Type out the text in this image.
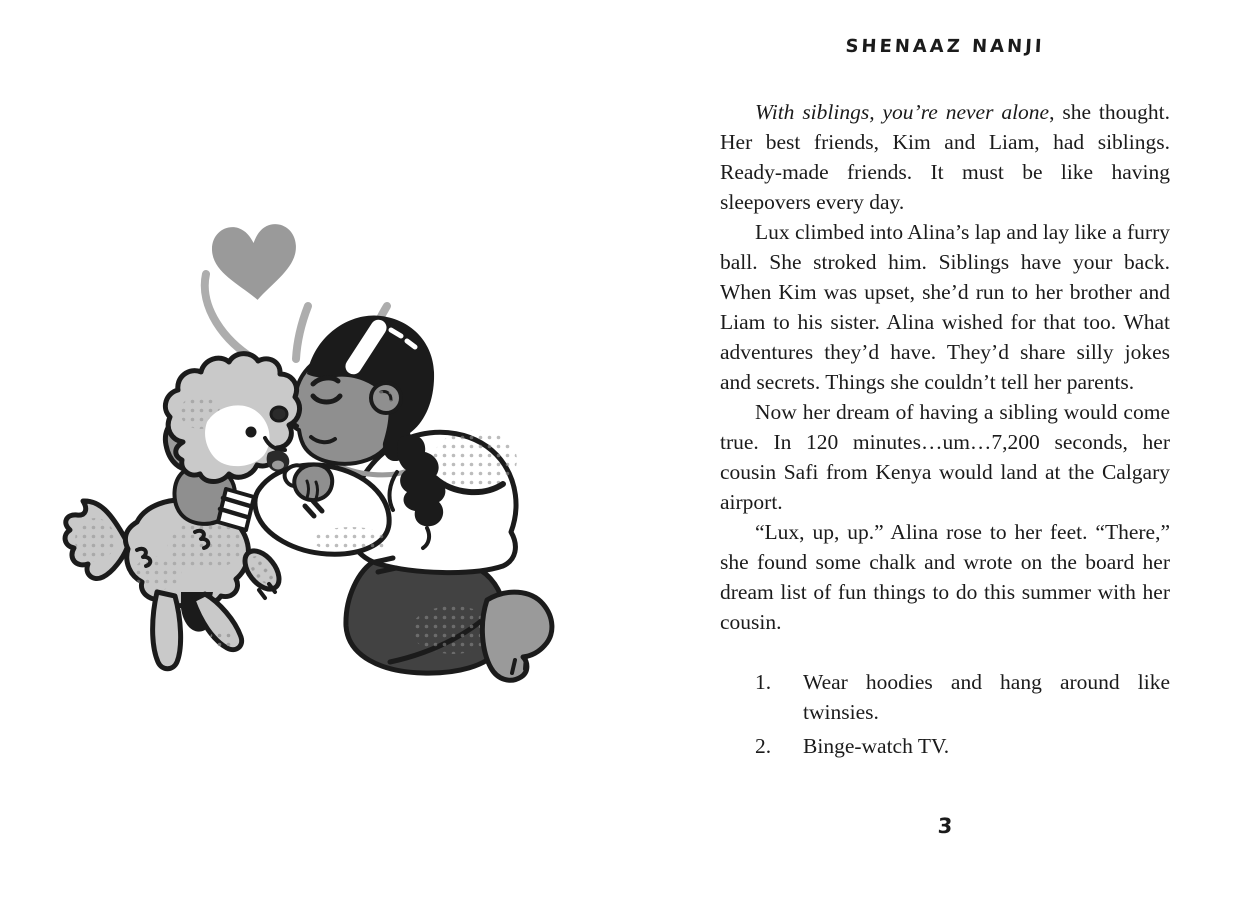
SHENAAZ NANJI

With siblings, you’re never alone, she thought. Her best friends, Kim and Liam, had siblings. Ready-made friends. It must be like having sleepovers every day.

Lux climbed into Alina’s lap and lay like a furry ball. She stroked him. Siblings have your back. When Kim was upset, she’d run to her brother and Liam to his sister. Alina wished for that too. What adventures they’d have. They’d share silly jokes and secrets. Things she couldn’t tell her parents.

Now her dream of having a sibling would come true. In 120 minutes…um…7,200 seconds, her cousin Safi from Kenya would land at the Calgary airport.

“Lux, up, up.” Alina rose to her feet. “There,” she found some chalk and wrote on the board her dream list of fun things to do this summer with her cousin.

1.	Wear hoodies and hang around like twinsies.
2.	Binge-watch TV.
3
